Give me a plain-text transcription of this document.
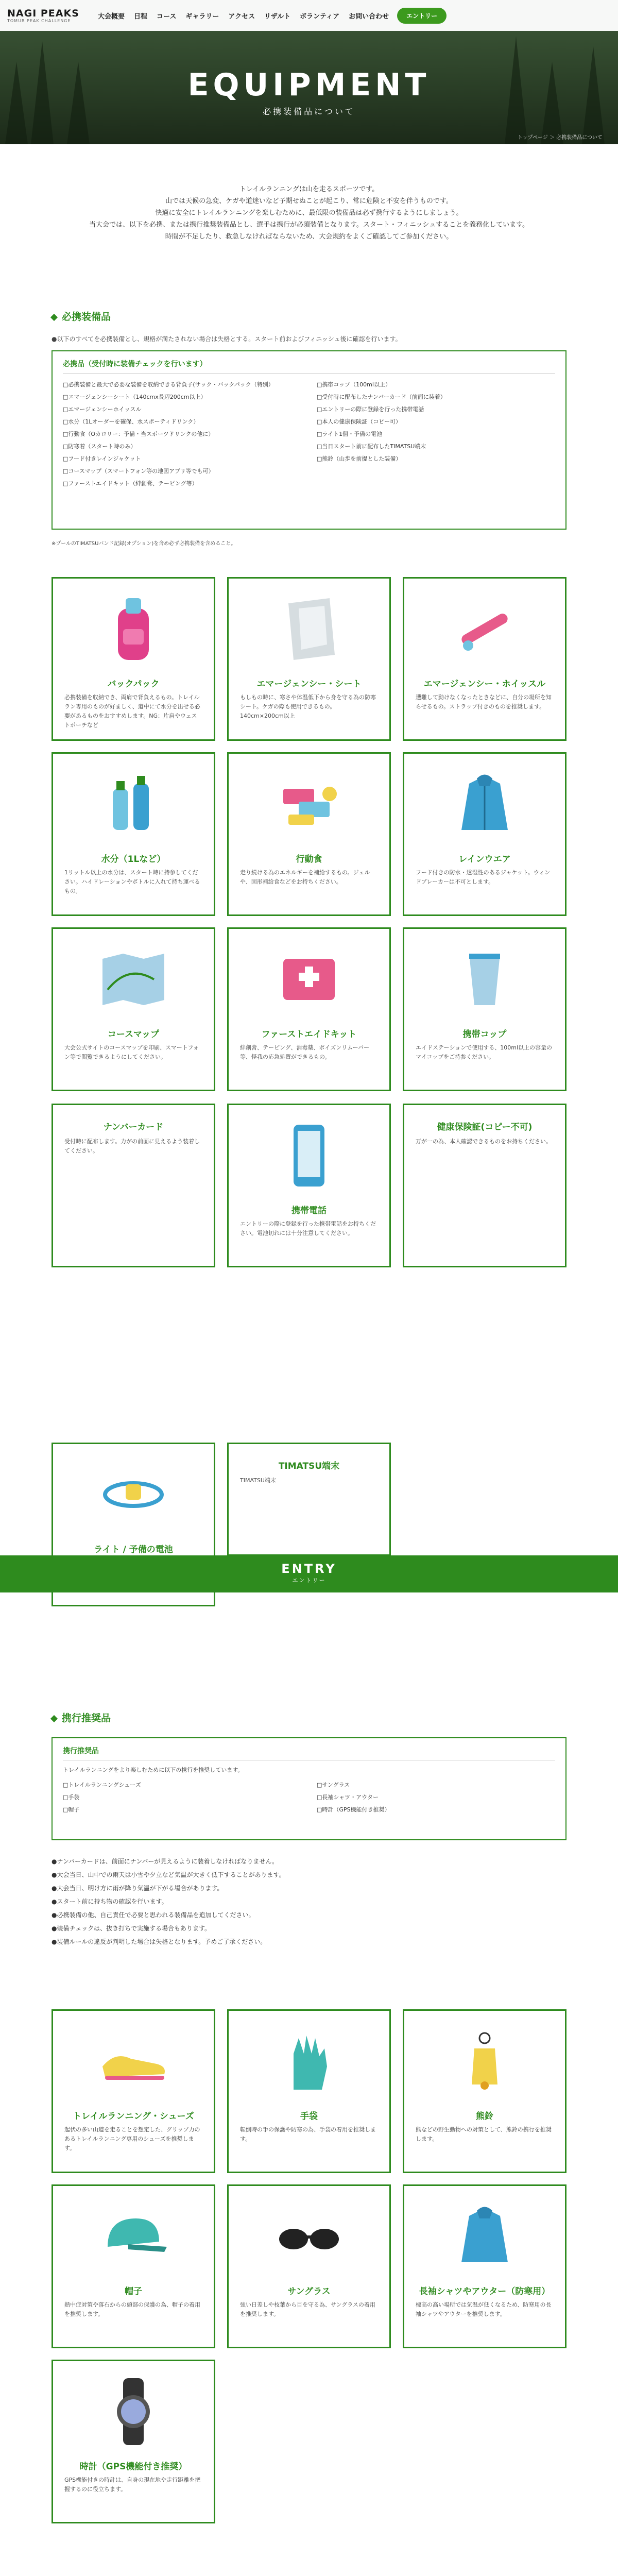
EQUIPMENT
必携装備品について
トップページ ＞ 必携装備品について
NAGI PEAKS
TOMUR PEAK CHALLENGE
大会概要 日程 コース ギャラリー アクセス リザルト ボランティア お問い合わせ	エントリー
トレイルランニングは山を走るスポーツです。
山では天候の急変、ケガや道迷いなど予期せぬことが起こり、常に危険と不安を伴うものです。
快適に安全にトレイルランニングを楽しむために、最低限の装備品は必ず携行するようにしましょう。
当大会では、以下を必携、または携行推奨装備品とし、選手は携行が必須装備となります。スタート・フィニッシュすることを義務化しています。
時間が不足したり、救急しなければならないため、大会規約をよくご確認してご参加ください。
必携装備品
●以下のすべてを必携装備とし、規格が満たされない場合は失格とする。スタート前およびフィニッシュ後に確認を行います。
必携品（受付時に装備チェックを行います）
□必携装備と最大で必要な装備を収納できる背負子(サック・バックパック（特別）
□エマージェンシーシート（140cmx長辺200cm以上）
□エマージェンシーホイッスル
□水分（1Lオーダーを確保、水スポーティドリンク）
□行動食（Oカロリー：予備・当スポーツドリンクの他に）
□防寒着（スタート時のみ）
□フード付きレインジャケット
□コースマップ（スマートフォン等の地図アプリ等でも可）
□ファーストエイドキット（絆創膏、テーピング等）
□携帯コップ（100ml以上）
□受付時に配布したナンバーカード（前面に装着）
□エントリーの際に登録を行った携帯電話
□本人の健康保険証（コピー可）
□ライト1個・予備の電池
□当日スタート前に配布したTIMATSU端末
□熊鈴（山歩を前提とした装備）
※プールのTIMATSUバンド記録(オプション)を含め必ず必携装備を含めること。
バックパック
必携装備を収納でき、両肩で背負えるもの。トレイルラン専用のものが好ましく、道中にて水分を出せる必要があるものをおすすめします。NG：片肩やウェストポーチなど
エマージェンシー・シート
もしもの時に、寒さや体温低下から身を守る為の防寒シート。ケガの際も使用できるもの。140cm×200cm以上
エマージェンシー・ホイッスル
遭難して動けなくなったときなどに、自分の場所を知らせるもの。ストラップ付きのものを推奨します。
水分（1Lなど）
1リットル以上の水分は、スタート時に持参してください。ハイドレーションやボトルに入れて持ち運べるもの。
行動食
走り続ける為のエネルギーを補給するもの。ジェルや、固形補給食などをお持ちください。
レインウエア
フード付きの防水・透湿性のあるジャケット。ウィンドブレーカーは不可とします。
コースマップ
大会公式サイトのコースマップを印刷、スマートフォン等で閲覧できるようにしてください。
ファーストエイドキット
絆創膏、テーピング、消毒薬、ポイズンリムーバー等、怪我の応急処置ができるもの。
携帯コップ
エイドステーションで使用する、100ml以上の容量のマイコップをご持参ください。
ナンバーカード
受付時に配布します。力がの前面に見えるよう装着してください。
携帯電話
エントリーの際に登録を行った携帯電話をお持ちください。電池切れには十分注意してください。
健康保険証(コピー不可)
万が一の為、本人確認できるものをお持ちください。
ライト / 予備の電池
TIMATSU端末
TIMATSU端末
ENTRY
エントリー
携行推奨品
携行推奨品
トレイルランニングをより楽しむために以下の携行を推奨しています。
□トレイルランニングシューズ
□手袋
□帽子
□サングラス
□長袖シャツ・アウター
□時計（GPS機能付き推奨）
●ナンバーカードは、前面にナンバーが見えるように装着しなければなりません。
●大会当日、山中での雨天は小雪や夕立など気温が大きく低下することがあります。
●大会当日、明け方に雨が降り気温が下がる場合があります。
●スタート前に持ち物の確認を行います。
●必携装備の他、自己責任で必要と思われる装備品を追加してください。
●装備チェックは、抜き打ちで実施する場合もあります。
●装備ルールの違反が判明した場合は失格となります。予めご了承ください。
トレイルランニング・シューズ
起伏の多い山道を走ることを想定した、グリップ力のあるトレイルランニング専用のシューズを推奨します。
手袋
転倒時の手の保護や防寒の為、手袋の着用を推奨します。
熊鈴
熊などの野生動物への対策として、熊鈴の携行を推奨します。
帽子
熱中症対策や落石からの頭部の保護の為、帽子の着用を推奨します。
サングラス
強い日差しや枝葉から目を守る為、サングラスの着用を推奨します。
長袖シャツやアウター（防寒用）
標高の高い場所では気温が低くなるため、防寒用の長袖シャツやアウターを推奨します。
時計（GPS機能付き推奨）
GPS機能付きの時計は、自身の現在地や走行距離を把握するのに役立ちます。
